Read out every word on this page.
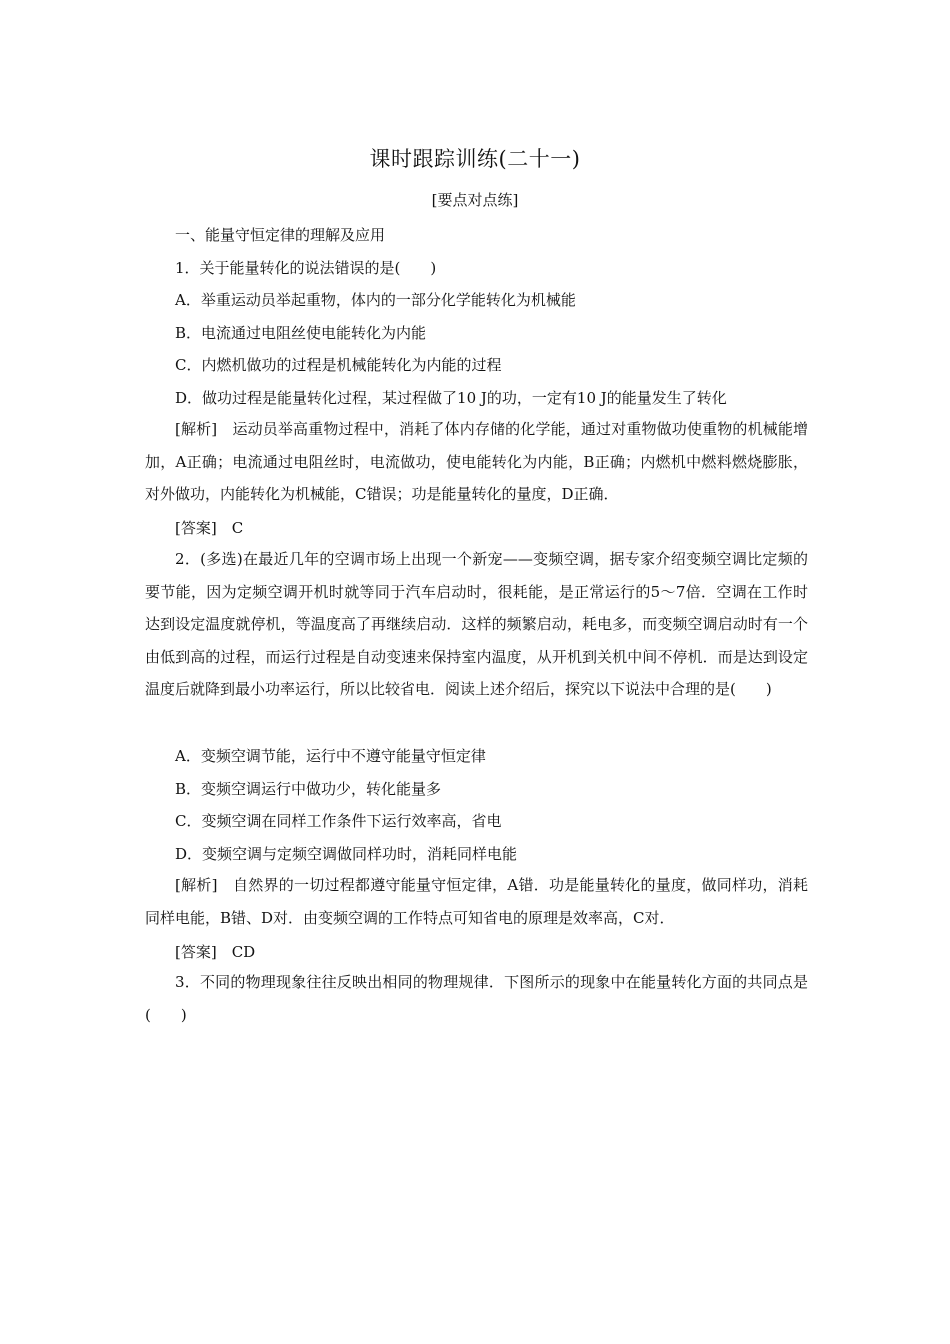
课时跟踪训练(二十一)
[要点对点练]
一、能量守恒定律的理解及应用
1．关于能量转化的说法错误的是(　　)
A．举重运动员举起重物，体内的一部分化学能转化为机械能
B．电流通过电阻丝使电能转化为内能
C．内燃机做功的过程是机械能转化为内能的过程
D．做功过程是能量转化过程，某过程做了10 J的功，一定有10 J的能量发生了转化
[解析]　运动员举高重物过程中，消耗了体内存储的化学能，通过对重物做功使重物的机械能增加，A正确；电流通过电阻丝时，电流做功，使电能转化为内能，B正确；内燃机中燃料燃烧膨胀，对外做功，内能转化为机械能，C错误；功是能量转化的量度，D正确．
[答案]　C
2．(多选)在最近几年的空调市场上出现一个新宠——变频空调，据专家介绍变频空调比定频的要节能，因为定频空调开机时就等同于汽车启动时，很耗能，是正常运行的5～7倍．空调在工作时达到设定温度就停机，等温度高了再继续启动．这样的频繁启动，耗电多，而变频空调启动时有一个由低到高的过程，而运行过程是自动变速来保持室内温度，从开机到关机中间不停机．而是达到设定温度后就降到最小功率运行，所以比较省电．阅读上述介绍后，探究以下说法中合理的是(　　)
A．变频空调节能，运行中不遵守能量守恒定律
B．变频空调运行中做功少，转化能量多
C．变频空调在同样工作条件下运行效率高，省电
D．变频空调与定频空调做同样功时，消耗同样电能
[解析]　自然界的一切过程都遵守能量守恒定律，A错．功是能量转化的量度，做同样功，消耗同样电能，B错、D对．由变频空调的工作特点可知省电的原理是效率高，C对．
[答案]　CD
3．不同的物理现象往往反映出相同的物理规律．下图所示的现象中在能量转化方面的共同点是(　　)
